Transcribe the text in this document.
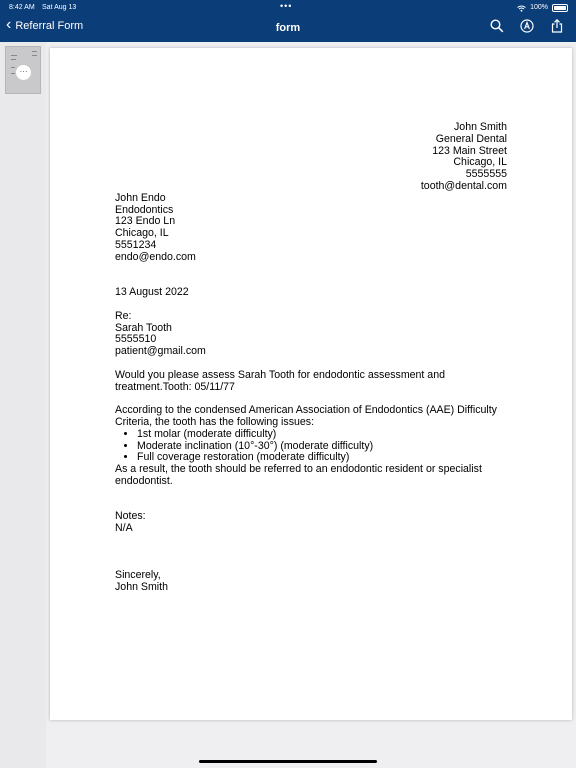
8:42 AM Sat Aug 13	•••	100%
‹ Referral Form	form
···
John Smith
General Dental
123 Main Street
Chicago, IL
5555555
tooth@dental.com
John Endo
Endodontics
123 Endo Ln
Chicago, IL
5551234
endo@endo.com
13 August 2022
Re:
Sarah Tooth
5555510
patient@gmail.com

Would you please assess Sarah Tooth for endodontic assessment and treatment.Tooth: 05/11/77

According to the condensed American Association of Endodontics (AAE) Difficulty Criteria, the tooth has the following issues:

• 1st molar (moderate difficulty)
• Moderate inclination (10°-30°) (moderate difficulty)
• Full coverage restoration (moderate difficulty)

As a result, the tooth should be referred to an endodontic resident or specialist endodontist.

Notes:
N/A
Sincerely,
John Smith
